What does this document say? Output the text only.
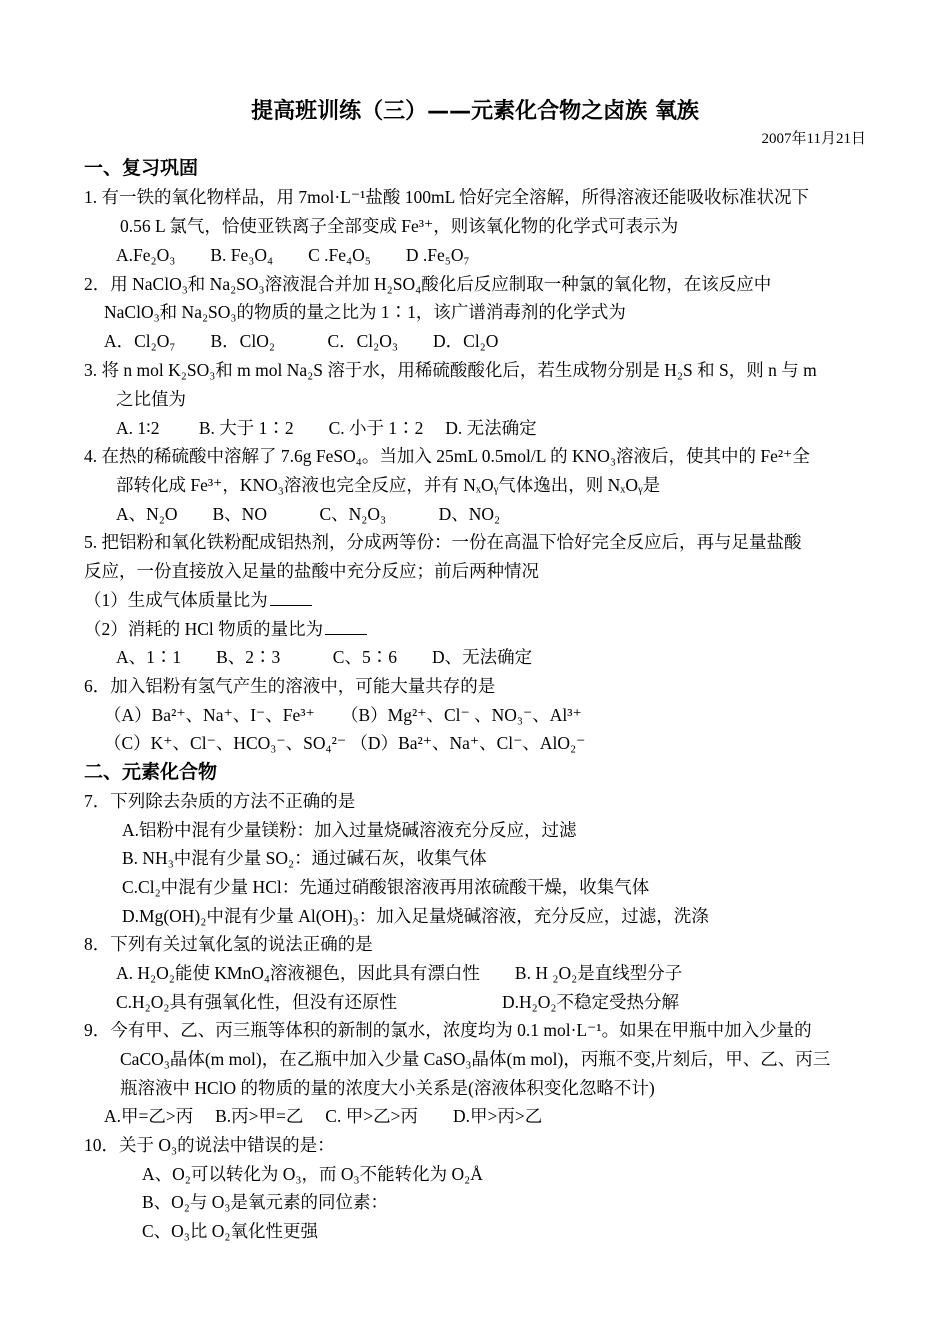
提高班训练（三）——元素化合物之卤族 氧族
2007年11月21日
一、复习巩固
1. 有一铁的氧化物样品，用 7mol·L⁻¹盐酸 100mL 恰好完全溶解，所得溶液还能吸收标准状况下
0.56 L 氯气，恰使亚铁离子全部变成 Fe³⁺，则该氧化物的化学式可表示为
A.Fe₂O₃　　B. Fe₃O₄　　C .Fe₄O₅　　D .Fe₅O₇
2．用 NaClO₃和 Na₂SO₃溶液混合并加 H₂SO₄酸化后反应制取一种氯的氧化物，在该反应中
NaClO₃和 Na₂SO₃的物质的量之比为 1∶1，该广谱消毒剂的化学式为
A．Cl₂O₇　　B．ClO₂　　　C．Cl₂O₃　　D．Cl₂O
3. 将 n mol K₂SO₃和 m mol Na₂S 溶于水，用稀硫酸酸化后，若生成物分别是 H₂S 和 S，则 n 与 m
之比值为
A. 1∶2　　 B. 大于 1∶2　　C. 小于 1∶2　 D. 无法确定
4. 在热的稀硫酸中溶解了 7.6g FeSO₄。当加入 25mL 0.5mol/L 的 KNO₃溶液后，使其中的 Fe²⁺全
部转化成 Fe³⁺，KNO₃溶液也完全反应，并有 NₓOᵧ气体逸出，则 NₓOᵧ是
A、N₂O　　B、NO　　　C、N₂O₃　　　D、NO₂
5. 把铝粉和氧化铁粉配成铝热剂，分成两等份：一份在高温下恰好完全反应后，再与足量盐酸
反应，一份直接放入足量的盐酸中充分反应；前后两种情况
（1）生成气体质量比为
（2）消耗的 HCl 物质的量比为
A、1∶1　　B、2∶3　　　C、5∶6　　D、无法确定
6．加入铝粉有氢气产生的溶液中，可能大量共存的是
（A）Ba²⁺、Na⁺、I⁻、Fe³⁺　　（B）Mg²⁺、Cl⁻ 、NO₃⁻、Al³⁺
（C）K⁺、Cl⁻、HCO₃⁻、SO₄²⁻ （D）Ba²⁺、Na⁺、Cl⁻、AlO₂⁻
二、元素化合物
7．下列除去杂质的方法不正确的是
A.铝粉中混有少量镁粉：加入过量烧碱溶液充分反应，过滤
B. NH₃中混有少量 SO₂：通过碱石灰，收集气体
C.Cl₂中混有少量 HCl：先通过硝酸银溶液再用浓硫酸干燥，收集气体
D.Mg(OH)₂中混有少量 Al(OH)₃：加入足量烧碱溶液，充分反应，过滤，洗涤
8．下列有关过氧化氢的说法正确的是
A. H₂O₂能使 KMnO₄溶液褪色，因此具有漂白性　　B. H ₂O₂是直线型分子
C.H₂O₂具有强氧化性，但没有还原性　　　　　　D.H₂O₂不稳定受热分解
9．今有甲、乙、丙三瓶等体积的新制的氯水，浓度均为 0.1 mol·L⁻¹。如果在甲瓶中加入少量的
CaCO₃晶体(m mol)，在乙瓶中加入少量 CaSO₃晶体(m mol)，丙瓶不变,片刻后，甲、乙、丙三
瓶溶液中 HClO 的物质的量的浓度大小关系是(溶液体积变化忽略不计)
A.甲=乙>丙　 B.丙>甲=乙　 C. 甲>乙>丙　　D.甲>丙>乙
10．关于 O₃的说法中错误的是：
A、O₂可以转化为 O₃，而 O₃不能转化为 O₂Å
B、O₂与 O₃是氧元素的同位素：
C、O₃比 O₂氧化性更强
